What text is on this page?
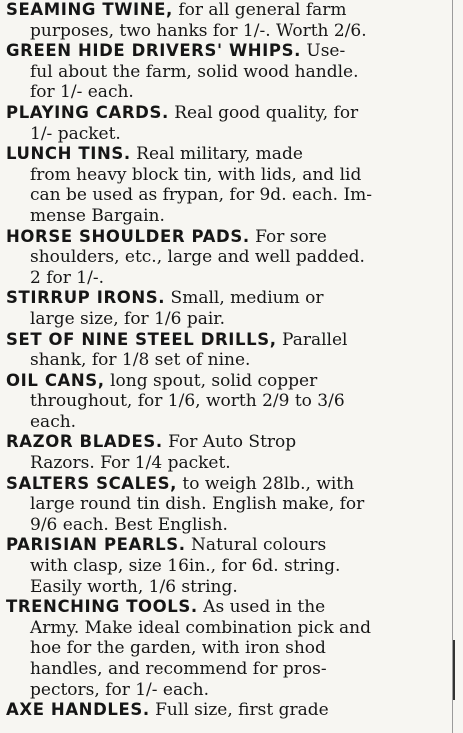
SEAMING TWINE, for all general farm
purposes, two hanks for 1/-. Worth 2/6.

GREEN HIDE DRIVERS' WHIPS. Use-
ful about the farm, solid wood handle.
for 1/- each.

PLAYING CARDS. Real good quality, for
1/- packet.

LUNCH TINS. Real military, made
from heavy block tin, with lids, and lid
can be used as frypan, for 9d. each. Im-
mense Bargain.

HORSE SHOULDER PADS. For sore
shoulders, etc., large and well padded.
2 for 1/-.

STIRRUP IRONS. Small, medium or
large size, for 1/6 pair.

SET OF NINE STEEL DRILLS, Parallel
shank, for 1/8 set of nine.

OIL CANS, long spout, solid copper
throughout, for 1/6, worth 2/9 to 3/6
each.

RAZOR BLADES. For Auto Strop
Razors. For 1/4 packet.

SALTERS SCALES, to weigh 28lb., with
large round tin dish. English make, for
9/6 each. Best English.

PARISIAN PEARLS. Natural colours
with clasp, size 16in., for 6d. string.
Easily worth, 1/6 string.

TRENCHING TOOLS. As used in the
Army. Make ideal combination pick and
hoe for the garden, with iron shod
handles, and recommend for pros-
pectors, for 1/- each.

AXE HANDLES. Full size, first grade
